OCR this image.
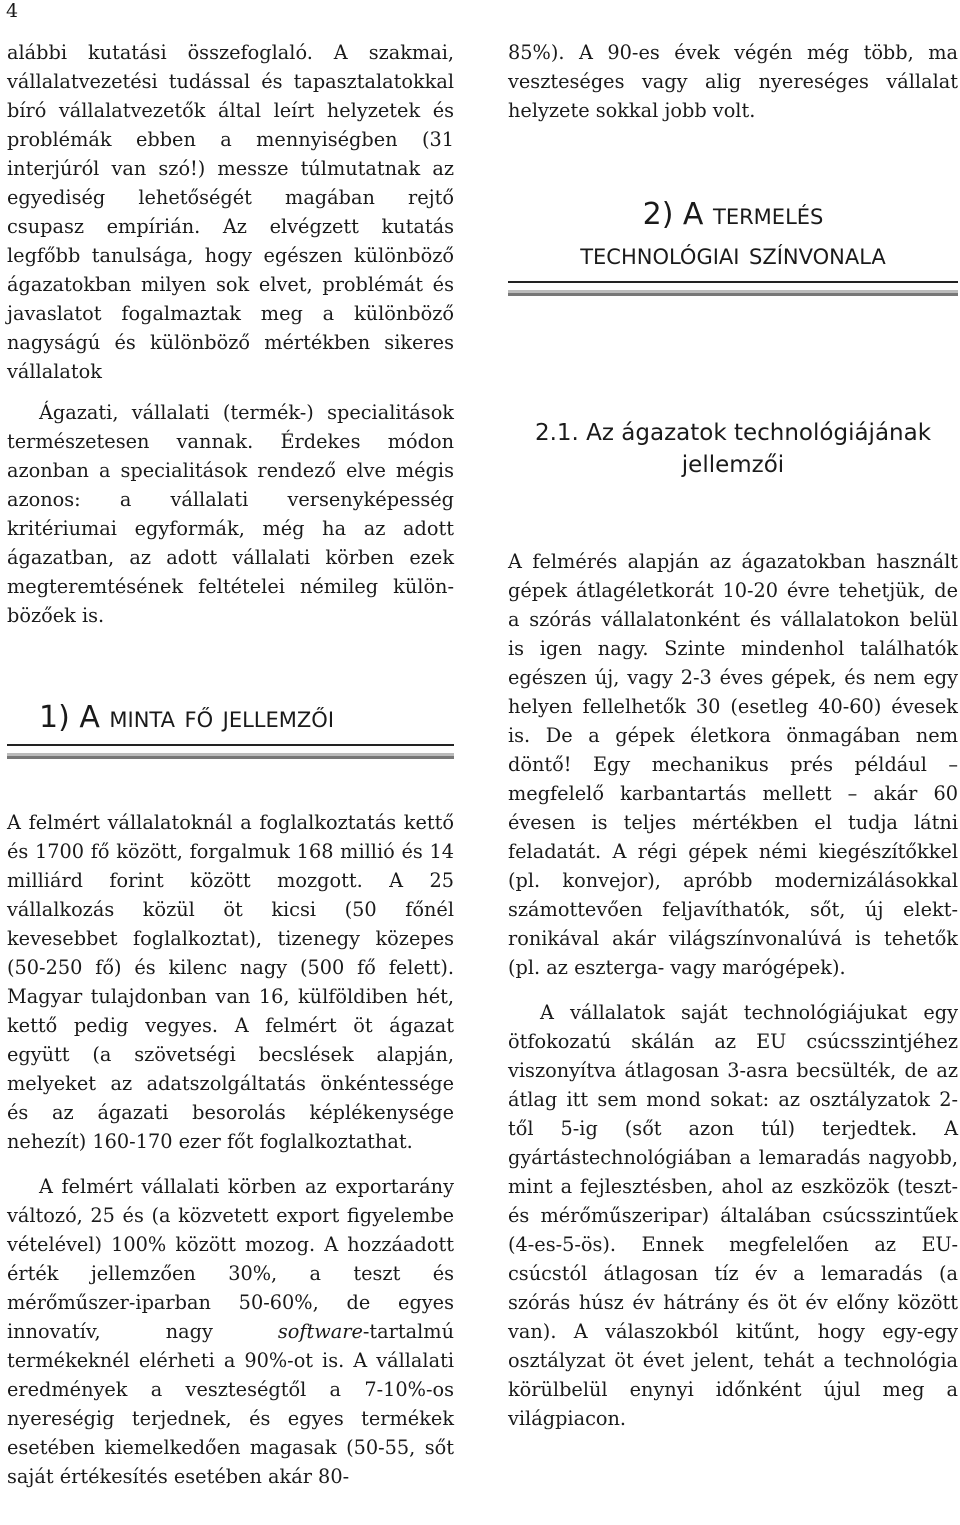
4

alábbi kutatási összefoglaló. A szakmai, vállalatvezetési tudással és tapasztalatokkal bíró vállalatvezetők által leírt helyzetek és problémák ebben a mennyiségben (31 interjúról van szó!) messze túlmutatnak az egyediség lehetőségét magában rejtő csupasz empírián. Az elvégzett kutatás legfőbb tanulsága, hogy egészen különböző ágazatokban milyen sok elvet, problémát és javaslatot fogalmaztak meg a különböző nagyságú és különböző mértékben sikeres vállalatok

Ágazati, vállalati (termék-) specialitások természetesen vannak. Érdekes módon azonban a specialitások rendező elve mégis azonos: a vállalati versenyképesség kritériumai egyformák, még ha az adott ágazatban, az adott vállalati körben ezek megteremtésének feltételei némileg különbözőek is.

1) A minta fő jellemzői

A felmért vállalatoknál a foglalkoztatás kettő és 1700 fő között, forgalmuk 168 millió és 14 milliárd forint között mozgott. A 25 vállalkozás közül öt kicsi (50 főnél kevesebbet foglalkoztat), tizenegy közepes (50-250 fő) és kilenc nagy (500 fő felett). Magyar tulajdonban van 16, külföldiben hét, kettő pedig vegyes. A felmért öt ágazat együtt (a szövetségi becslések alapján, melyeket az adatszolgáltatás önkéntessége és az ágazati besorolás képlékenysége nehezít) 160-170 ezer főt foglalkoztathat.

A felmért vállalati körben az exportarány változó, 25 és (a közvetett export figyelembe vételével) 100% között mozog. A hozzáadott érték jellemzően 30%, a teszt és mérőműszer-iparban 50-60%, de egyes innovatív, nagy software-tartalmú termékeknél elérheti a 90%-ot is. A vállalati eredmények a veszteségtől a 7-10%-os nyereségig terjednek, és egyes termékek esetében kiemelkedően magasak (50-55, sőt saját értékesítés esetében akár 80-

85%). A 90-es évek végén még több, ma veszteséges vagy alig nyereséges vállalat helyzete sokkal jobb volt.

2) A termelés
technológiai színvonala

2.1. Az ágazatok technológiájának

jellemzői

A felmérés alapján az ágazatokban használt gépek átlagéletkorát 10-20 évre tehetjük, de a szórás vállalatonként és vállalatokon belül is igen nagy. Szinte mindenhol találhatók egészen új, vagy 2-3 éves gépek, és nem egy helyen fellelhetők 30 (esetleg 40-60) évesek is. De a gépek életkora önmagában nem döntő! Egy mechanikus prés például – megfelelő karbantartás mellett – akár 60 évesen is teljes mértékben el tudja látni feladatát. A régi gépek némi kiegészítőkkel (pl. konvejor), apróbb modernizálásokkal számottevően feljavíthatók, sőt, új elektronikával akár világszínvonalúvá is tehetők (pl. az eszterga- vagy marógépek).

A vállalatok saját technológiájukat egy ötfokozatú skálán az EU csúcsszintjéhez viszonyítva átlagosan 3-asra becsülték, de az átlag itt sem mond sokat: az osztályzatok 2-től 5-ig (sőt azon túl) terjedtek. A gyártástechnológiában a lemaradás nagyobb, mint a fejlesztésben, ahol az eszközök (teszt- és mérőműszeripar) általában csúcsszintűek (4-es-5-ös). Ennek megfelelően az EU-csúcstól átlagosan tíz év a lemaradás (a szórás húsz év hátrány és öt év előny között van). A válaszokból kitűnt, hogy egy-egy osztályzat öt évet jelent, tehát a technológia körülbelül enynyi időnként újul meg a világpiacon.
